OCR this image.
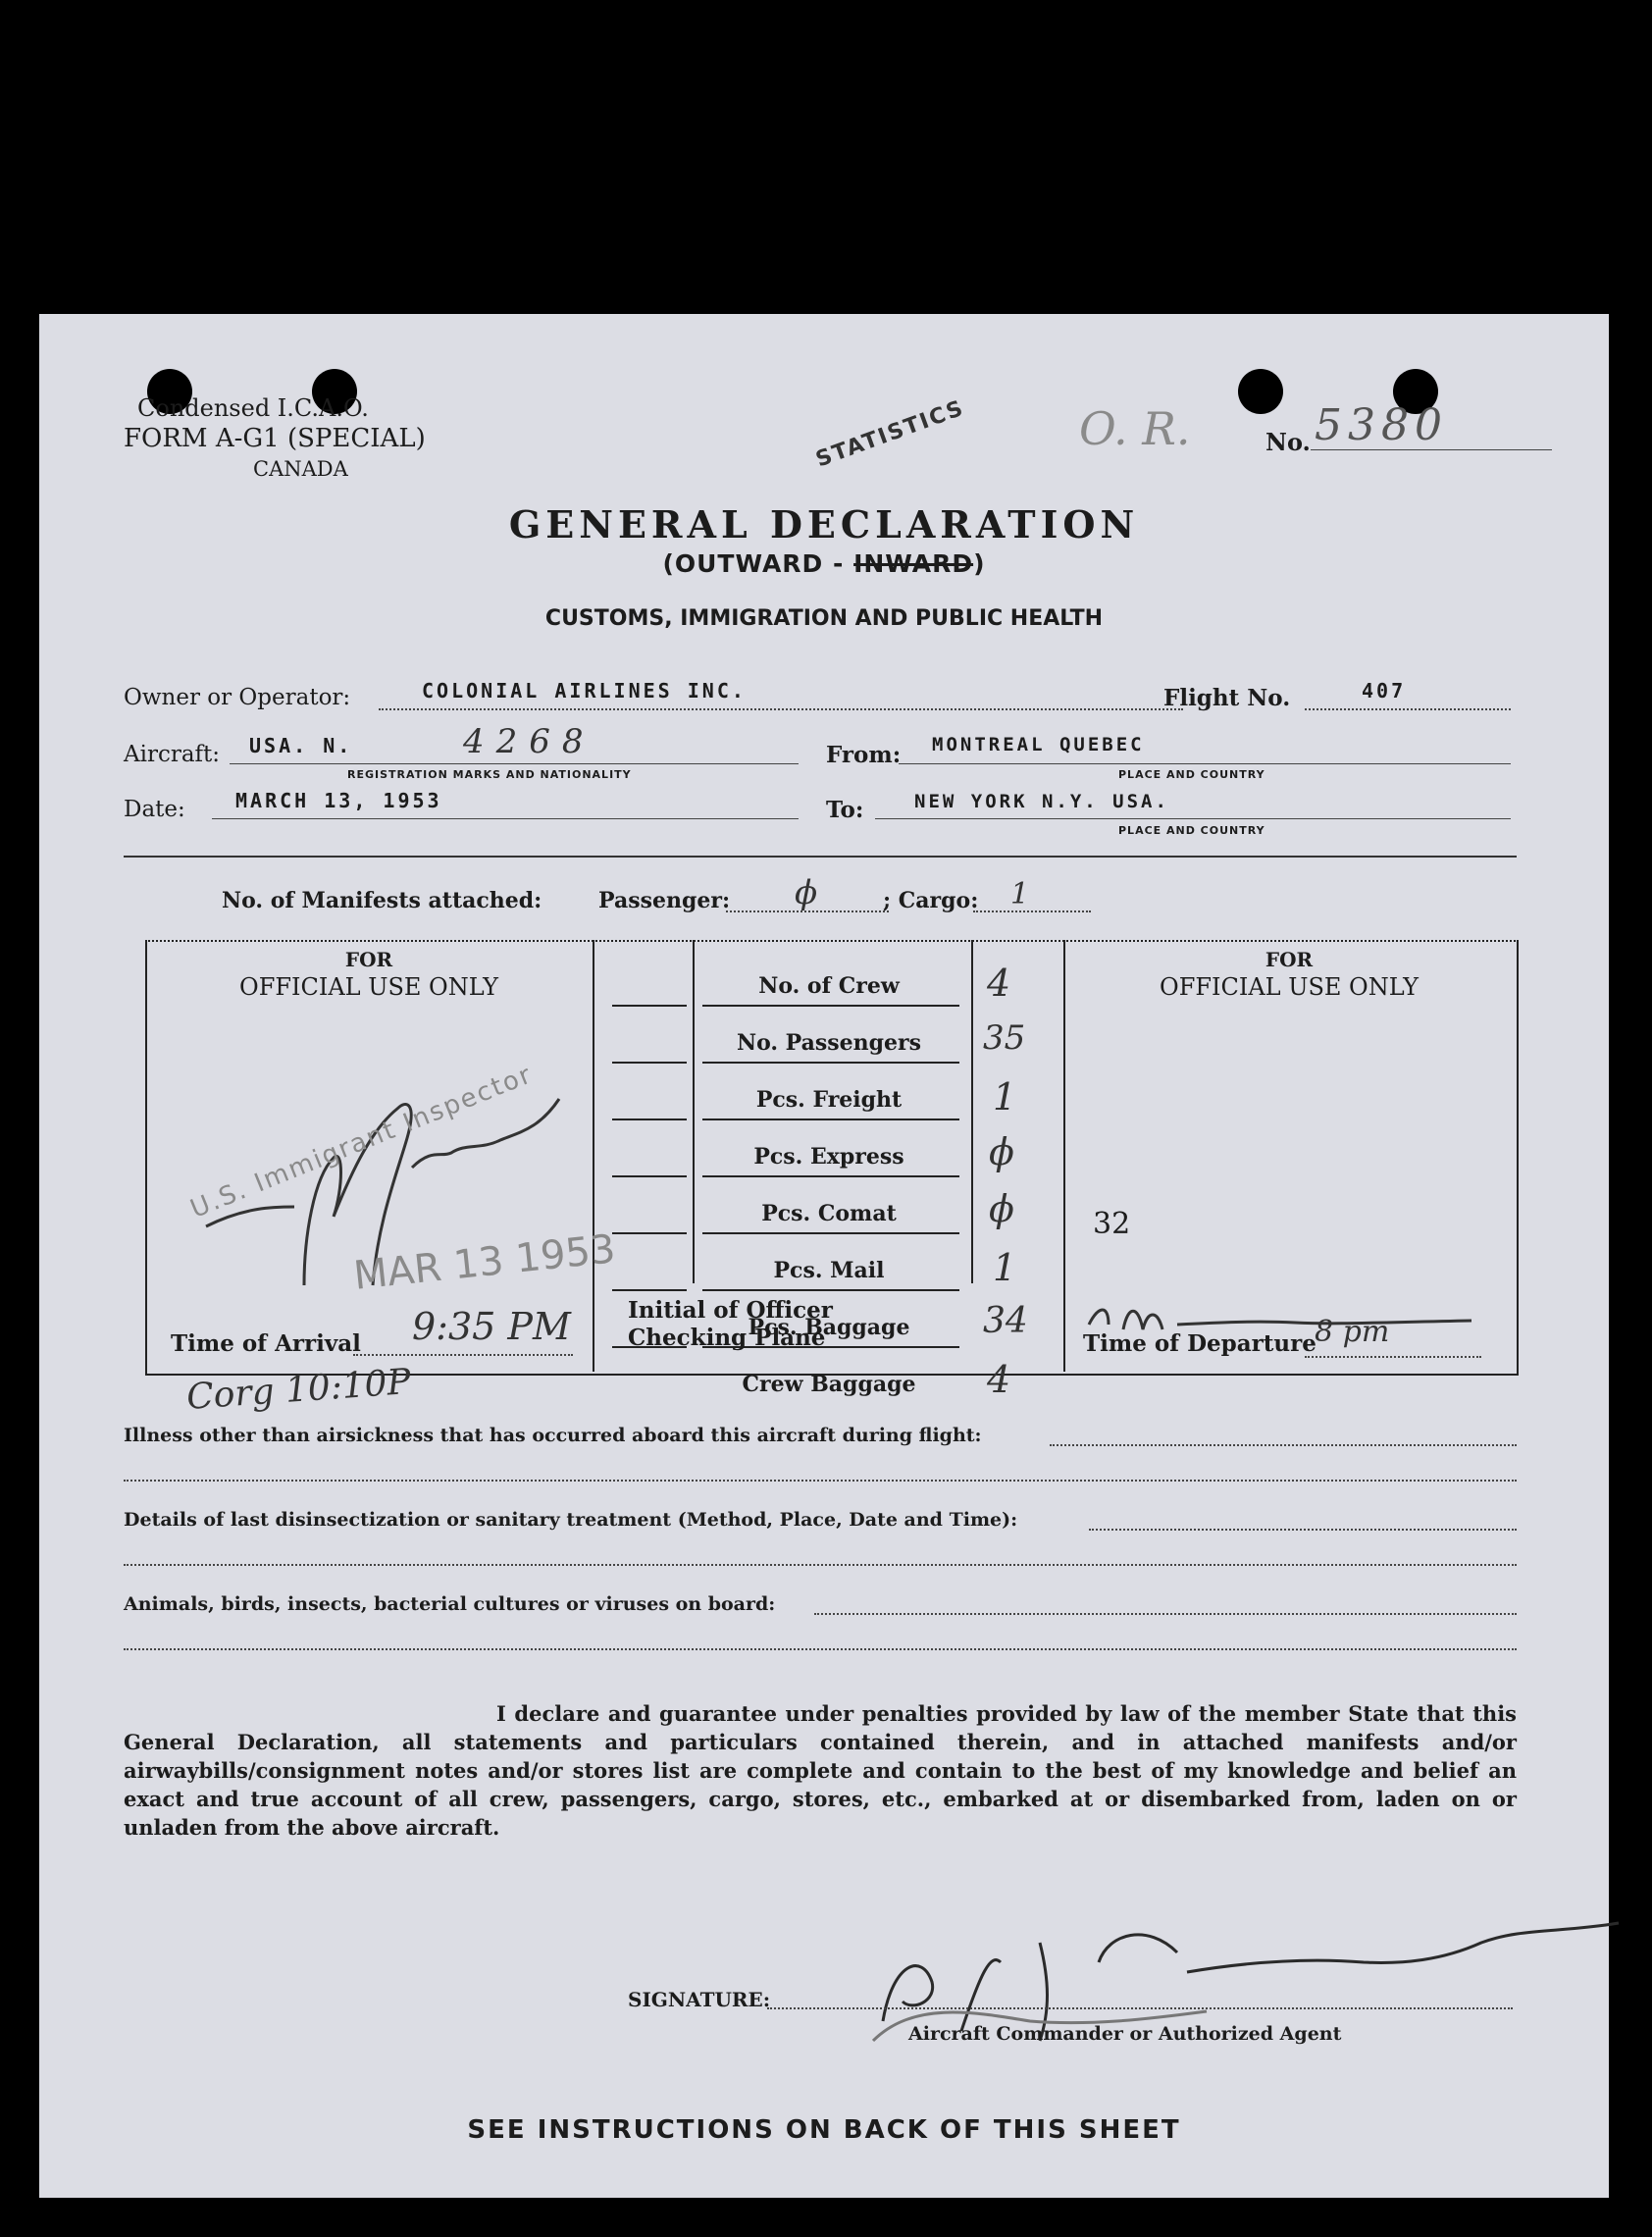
Condensed I.C.A.O.
FORM A-G1 (SPECIAL)
CANADA	STATISTICS O. R.	No. 5380
GENERAL DECLARATION
(OUTWARD - INWARD)
CUSTOMS, IMMIGRATION AND PUBLIC HEALTH
Owner or Operator:	COLONIAL AIRLINES INC.	Flight No.	407
Aircraft: USA. N.	4268
REGISTRATION MARKS AND NATIONALITY
From: MONTREAL QUEBEC
PLACE AND COUNTRY
Date:	MARCH 13, 1953	To:	NEW YORK N.Y. USA.
PLACE AND COUNTRY
No. of Manifests attached:	Passenger: ϕ	; Cargo: 1
FOR
OFFICIAL USE ONLY
FOR
OFFICIAL USE ONLY
No. of Crew	4
No. Passengers	35
Pcs. Freight	1
Pcs. Express	ϕ
Pcs. Comat	ϕ
Pcs. Mail	1
Pcs. Baggage	34
Crew Baggage	4
U.S. Immigrant Inspector
MAR 13 1953
Time of Arrival 9:35 PM	Initial of Officer
Checking Plane
32
Time of Departure
8 pm
Corg 10:10P
Illness other than airsickness that has occurred aboard this aircraft during flight:
Details of last disinsectization or sanitary treatment (Method, Place, Date and Time):
Animals, birds, insects, bacterial cultures or viruses on board:
I declare and guarantee under penalties provided by law of the member State that this General Declaration, all statements and particulars contained therein, and in attached manifests and/or airwaybills/consignment notes and/or stores list are complete and contain to the best of my knowledge and belief an exact and true account of all crew, passengers, cargo, stores, etc., embarked at or disembarked from, laden on or unladen from the above aircraft.
SIGNATURE:
Aircraft Commander or Authorized Agent
SEE INSTRUCTIONS ON BACK OF THIS SHEET
